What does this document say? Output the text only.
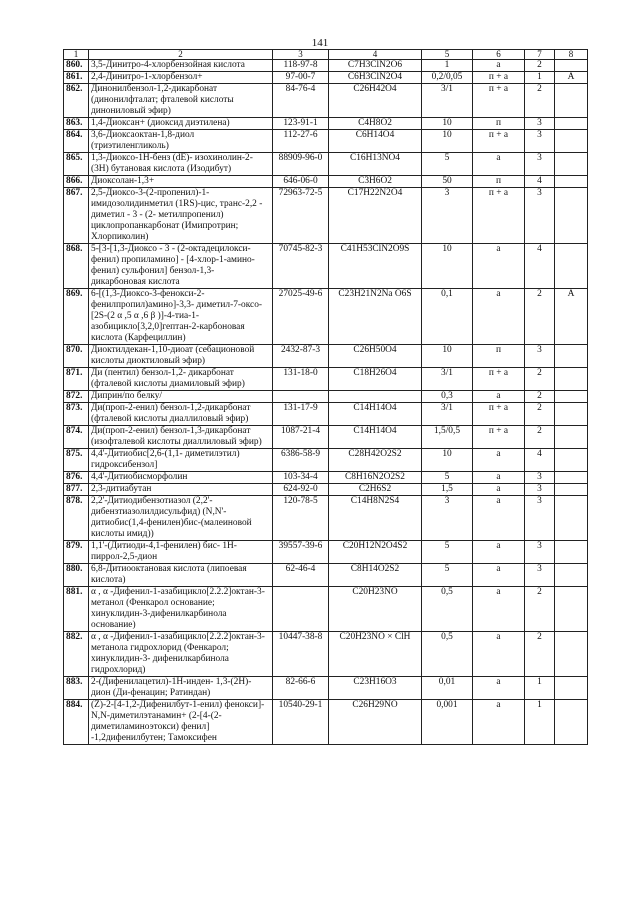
141
1	2	3	4	5	6	7	8
860.	3,5-Динитро-4-хлорбензойная кислота	118-97-8	C7H3ClN2O6	1	a	2	
861.	2,4-Динитро-1-хлорбензол+	97-00-7	C6H3ClN2O4	0,2/0,05	п + а	1	А
862.	Динонилбензол-1,2-дикарбонат (динонилфталат; фталевой кислоты динониловый эфир)	84-76-4	C26H42O4	3/1	п + а	2	
863.	1,4-Диоксан+ (диоксид диэтилена)	123-91-1	C4H8O2	10	п	3	
864.	3,6-Диоксаоктан-1,8-диол (триэтиленгликоль)	112-27-6	C6H14O4	10	п + а	3	
865.	1,3-Диоксо-1Н-бенз (dE)- изохинолин-2-(3Н) бутановая кислота (Изодибут)	88909-96-0	C16H13NO4	5	а	3	
866.	Диоксолан-1,3+	646-06-0	C3H6O2	50	п	4	
867.	2,5-Диоксо-3-(2-пропенил)-1-имидозолидинметил (1RS)-цис, транс-2,2 - диметил - 3 - (2- метилпропенил) циклопропанкарбонат (Имипротрин; Хлорпиколин)	72963-72-5	C17H22N2O4	3	п + а	3	
868.	5-[3-[1,3-Диоксо - 3 - (2-октадецилокси-фенил) пропиламино] - [4-хлор-1-амино- фенил) сульфонил] бензол-1,3- дикарбоновая кислота	70745-82-3	C41H53ClN2O9S	10	а	4	
869.	6-[(1,3-Диоксо-3-фенокси-2-фенилпропил)амино]-3,3- диметил-7-оксо-[2S-(2 α ,5 α ,6 β )]-4-тиа-1-азобицикло[3,2,0]гептан-2-карбоновая кислота (Карфециллин)	27025-49-6	C23H21N2Na O6S	0,1	а	2	А
870.	Диоктилдекан-1,10-диоат (себационовой кислоты диоктиловый эфир)	2432-87-3	C26H50O4	10	п	3	
871.	Ди (пентил) бензол-1,2- дикарбонат (фталевой кислоты диамиловый эфир)	131-18-0	C18H26O4	3/1	п + а	2	
872.	Диприн/по белку/			0,3	а	2	
873.	Ди(проп-2-енил) бензол-1,2-дикарбонат (фталевой кислоты диаллиловый эфир)	131-17-9	C14H14O4	3/1	п + а	2	
874.	Ди(проп-2-енил) бензол-1,3-дикарбонат (изофталевой кислоты диаллиловый эфир)	1087-21-4	C14H14O4	1,5/0,5	п + а	2	
875.	4,4'-Дитиобис[2,6-(1,1- диметилэтил) гидроксибензол]	6386-58-9	C28H42O2S2	10	а	4	
876.	4,4'-Дитиобисморфолин	103-34-4	C8H16N2O2S2	5	а	3	
877.	2,3-дитиабутан	624-92-0	C2H6S2	1,5	а	3	
878.	2,2'-Дитиодибензотиазол (2,2'-дибензтиазолилдисульфид) (N,N'-дитиобис(1,4-фенилен)бис-(малеиновой кислоты имид))	120-78-5	C14H8N2S4	3	а	3	
879.	1,1'-(Дитиоди-4,1-фенилен) бис- 1Н-пиррол-2,5-дион	39557-39-6	C20H12N2O4S2	5	а	3	
880.	6,8-Дитиооктановая кислота (липоевая кислота)	62-46-4	C8H14O2S2	5	а	3	
881.	α , α -Дифенил-1-азабицикло[2.2.2]октан-3- метанол (Фенкарол основание; хинуклидин-3-дифенилкарбинола основание)		C20H23NO	0,5	а	2	
882.	α , α -Дифенил-1-азабицикло[2.2.2]октан-3- метанола гидрохлорид (Фенкарол; хинуклидин-3- дифенилкарбинола гидрохлорид)	10447-38-8	C20H23NO × ClH	0,5	а	2	
883.	2-(Дифенилацетил)-1Н-инден- 1,3-(2Н)-дион (Ди-фенацин; Ратиндан)	82-66-6	C23H16O3	0,01	а	1	
884.	(Z)-2-[4-1,2-Дифенилбут-1-енил) фенокси]-N,N-диметилэтанамин+ (2-[4-(2-диметиламиноэтокси) фенил] -1,2дифенилбутен; Тамоксифен	10540-29-1	C26H29NO	0,001	а	1	
